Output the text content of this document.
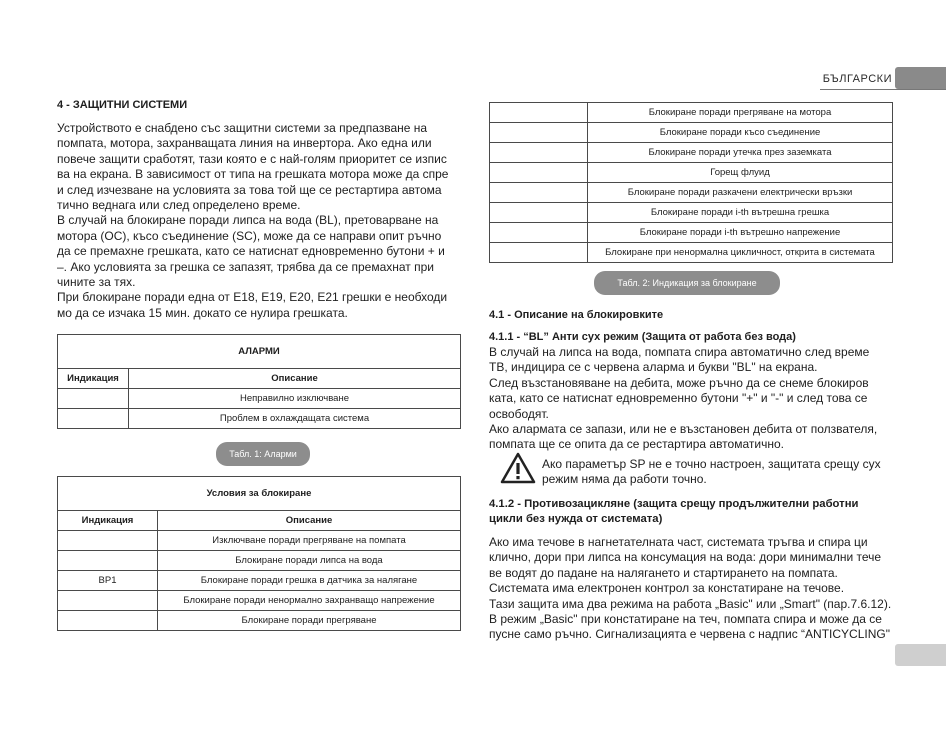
БЪЛГАРСКИ
4 - ЗАЩИТНИ СИСТЕМИ

Устройството е снабдено със защитни системи за предпазване на

помпата, мотора, захранващата линия на инвертора. Ако една или

повече защити сработят, тази която е с най-голям приоритет се изпис

ва на екрана. В зависимост от типа на грешката мотора може да спре

и след изчезване на условията за това той ще се рестартира автома

тично веднага или след определено време.

В случай на блокиране поради липса на вода (BL), претоварване на

мотора (OC), късо съединение (SC), може да се направи опит ръчно

да се премахне грешката, като се натиснат едновременно бутони + и

–. Ако условията за грешка се запазят, трябва да се премахнат при

чините за тях.

При блокиране поради една от Е18, Е19, Е20, Е21 грешки е необходи

мо да се изчака 15 мин. докато се нулира грешката.

АЛАРМИ	
Индикация	Описание
	Неправилно изключване
	Проблем в охлаждащата система
Табл. 1: Аларми
Условия за блокиране	
Индикация	Описание
	Изключване поради прегряване на помпата
	Блокиране поради липса на вода
BP1	Блокиране поради грешка в датчика за налягане
	Блокиране поради ненормално захранващо напрежение
	Блокиране поради прегряване
	Блокиране поради прегряване на мотора
	Блокиране поради късо съединение
	Блокиране поради утечка през заземката
	Горещ флуид
	Блокиране поради разкачени електрически връзки
	Блокиране поради i-th вътрешна грешка
	Блокиране поради i-th вътрешно напрежение
	Блокиране при ненормална цикличност, открита в системата
Табл. 2: Индикация за блокиране
4.1 - Описание на блокировките
4.1.1 - “BL” Анти сух режим (Защита от работа без вода)

В случай на липса на вода, помпата спира автоматично след време

ТВ, индицира се с червена аларма и букви "BL" на екрана.

След възстановяване на дебита, може ръчно да се снеме блокиров

ката, като се натиснат едновременно бутони "+" и "-" и след това се

освободят.

Ако алармата се запази, или не е възстановен дебита от ползвателя,

помпата ще се опита да се рестартира автоматично.

Ако параметър SP не е точно настроен, защитата срещу сух

режим няма да работи точно.

4.1.2 - Противозацикляне (защита срещу продължителни работни

цикли без нужда от системата)

Ако има течове в нагнетателната част, системата тръгва и спира ци

клично, дори при липса на консумация на вода: дори минимални тече

ве водят до падане на налягането и стартирането на помпата.

Системата има електронен контрол за констатиране на течове.

Тази защита има два режима на работа „Basic" или „Smart" (пар.7.6.12).

В режим „Basic" при констатиране на теч, помпата спира и може да се

пусне само ръчно. Сигнализацията е червена с надпис “ANTICYCLING"
